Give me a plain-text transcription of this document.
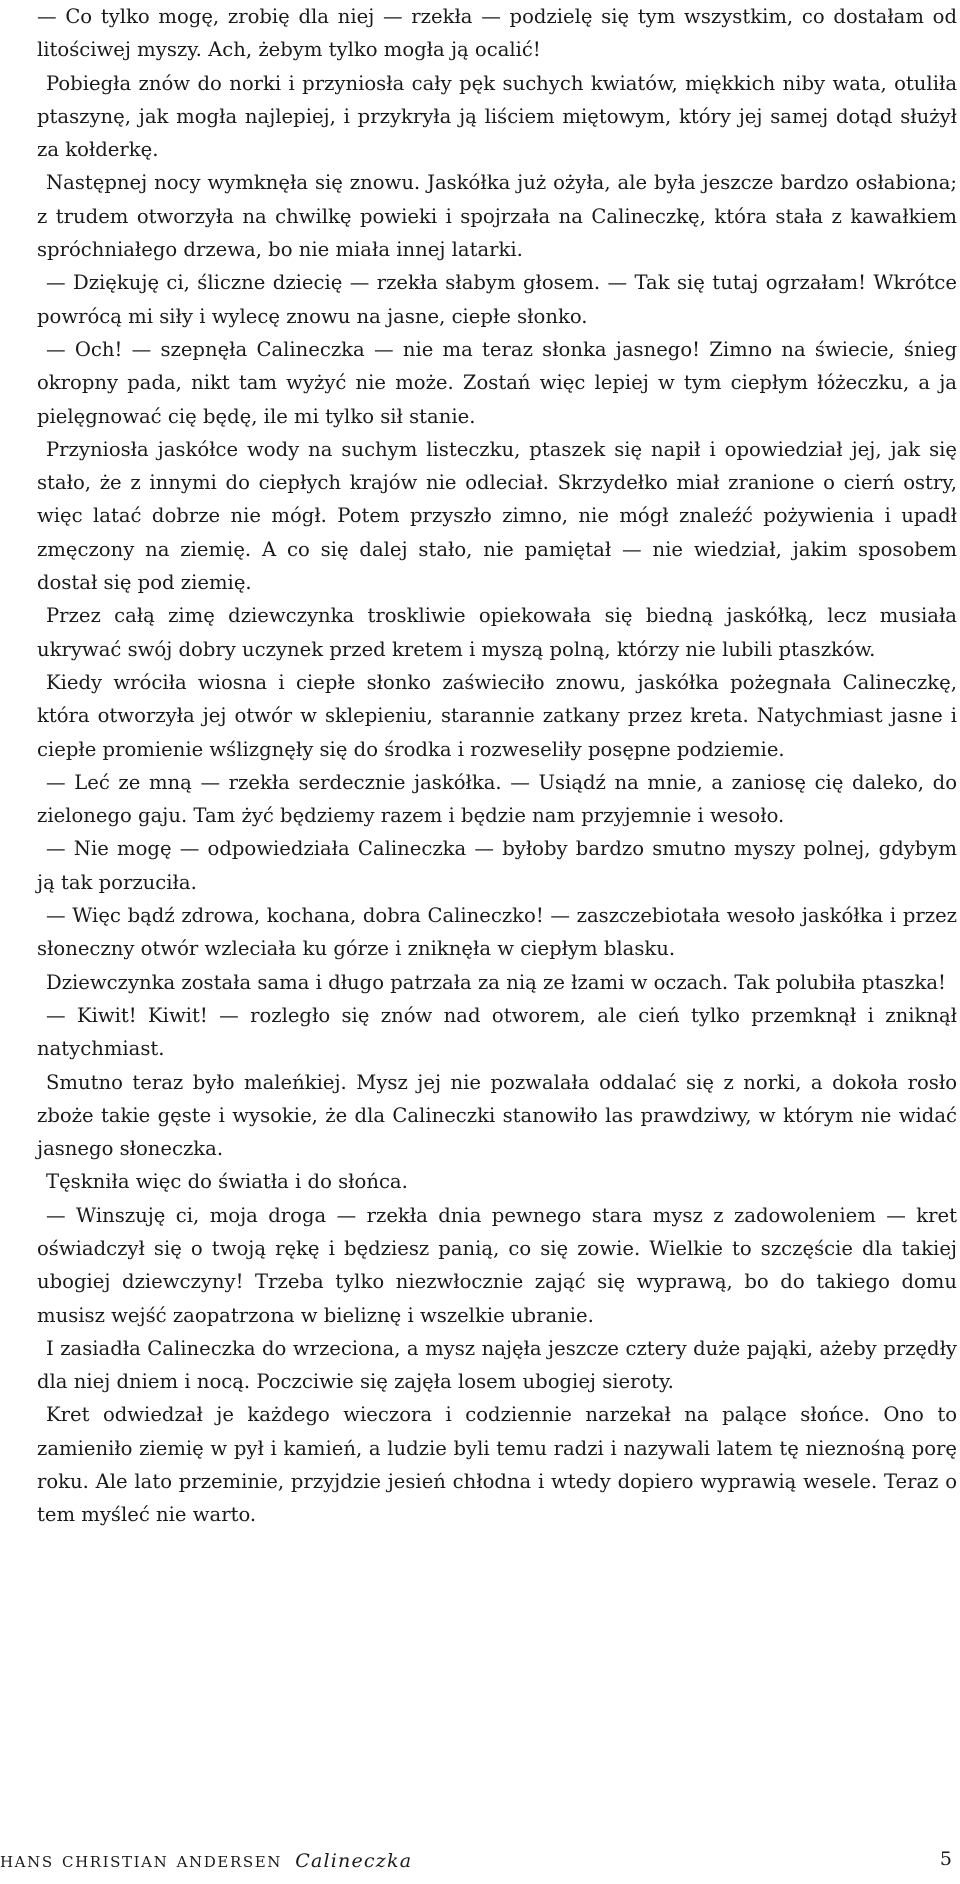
— Co tylko mogę, zrobię dla niej — rzekła — podzielę się tym wszystkim, co dostałam od litościwej myszy. Ach, żebym tylko mogła ją ocalić!

Pobiegła znów do norki i przyniosła cały pęk suchych kwiatów, miękkich niby wata, otuliła ptaszynę, jak mogła najlepiej, i przykryła ją liściem miętowym, który jej samej dotąd służył za kołderkę.

Następnej nocy wymknęła się znowu. Jaskółka już ożyła, ale była jeszcze bardzo osłabiona; z trudem otworzyła na chwilkę powieki i spojrzała na Calineczkę, która stała z kawałkiem spróchniałego drzewa, bo nie miała innej latarki.

— Dziękuję ci, śliczne dziecię — rzekła słabym głosem. — Tak się tutaj ogrzałam! Wkrótce powrócą mi siły i wylecę znowu na jasne, ciepłe słonko.

— Och! — szepnęła Calineczka — nie ma teraz słonka jasnego! Zimno na świecie, śnieg okropny pada, nikt tam wyżyć nie może. Zostań więc lepiej w tym ciepłym łóżeczku, a ja pielęgnować cię będę, ile mi tylko sił stanie.

Przyniosła jaskółce wody na suchym listeczku, ptaszek się napił i opowiedział jej, jak się stało, że z innymi do ciepłych krajów nie odleciał. Skrzydełko miał zranione o cierń ostry, więc latać dobrze nie mógł. Potem przyszło zimno, nie mógł znaleźć pożywienia i upadł zmęczony na ziemię. A co się dalej stało, nie pamiętał — nie wiedział, jakim sposobem dostał się pod ziemię.

Przez całą zimę dziewczynka troskliwie opiekowała się biedną jaskółką, lecz musiała ukrywać swój dobry uczynek przed kretem i myszą polną, którzy nie lubili ptaszków.

Kiedy wróciła wiosna i ciepłe słonko zaświeciło znowu, jaskółka pożegnała Calineczkę, która otworzyła jej otwór w sklepieniu, starannie zatkany przez kreta. Natychmiast jasne i ciepłe promienie wślizgnęły się do środka i rozweseliły posępne podziemie.

— Leć ze mną — rzekła serdecznie jaskółka. — Usiądź na mnie, a zaniosę cię daleko, do zielonego gaju. Tam żyć będziemy razem i będzie nam przyjemnie i wesoło.

— Nie mogę — odpowiedziała Calineczka — byłoby bardzo smutno myszy polnej, gdybym ją tak porzuciła.

— Więc bądź zdrowa, kochana, dobra Calineczko! — zaszczebiotała wesoło jaskółka i przez słoneczny otwór wzleciała ku górze i zniknęła w ciepłym blasku.

Dziewczynka została sama i długo patrzała za nią ze łzami w oczach. Tak polubiła ptaszka!

— Kiwit! Kiwit! — rozległo się znów nad otworem, ale cień tylko przemknął i zniknął natychmiast.

Smutno teraz było maleńkiej. Mysz jej nie pozwalała oddalać się z norki, a dokoła rosło zboże takie gęste i wysokie, że dla Calineczki stanowiło las prawdziwy, w którym nie widać jasnego słoneczka.

Tęskniła więc do światła i do słońca.

— Winszuję ci, moja droga — rzekła dnia pewnego stara mysz z zadowoleniem — kret oświadczył się o twoją rękę i będziesz panią, co się zowie. Wielkie to szczęście dla takiej ubogiej dziewczyny! Trzeba tylko niezwłocznie zająć się wyprawą, bo do takiego domu musisz wejść zaopatrzona w bieliznę i wszelkie ubranie.

I zasiadła Calineczka do wrzeciona, a mysz najęła jeszcze cztery duże pająki, ażeby przędły dla niej dniem i nocą. Poczciwie się zajęła losem ubogiej sieroty.

Kret odwiedzał je każdego wieczora i codziennie narzekał na palące słońce. Ono to zamieniło ziemię w pył i kamień, a ludzie byli temu radzi i nazywali latem tę nieznośną porę roku. Ale lato przeminie, przyjdzie jesień chłodna i wtedy dopiero wyprawią wesele. Teraz o tem myśleć nie warto.

hans christian andersen Calineczka	5
